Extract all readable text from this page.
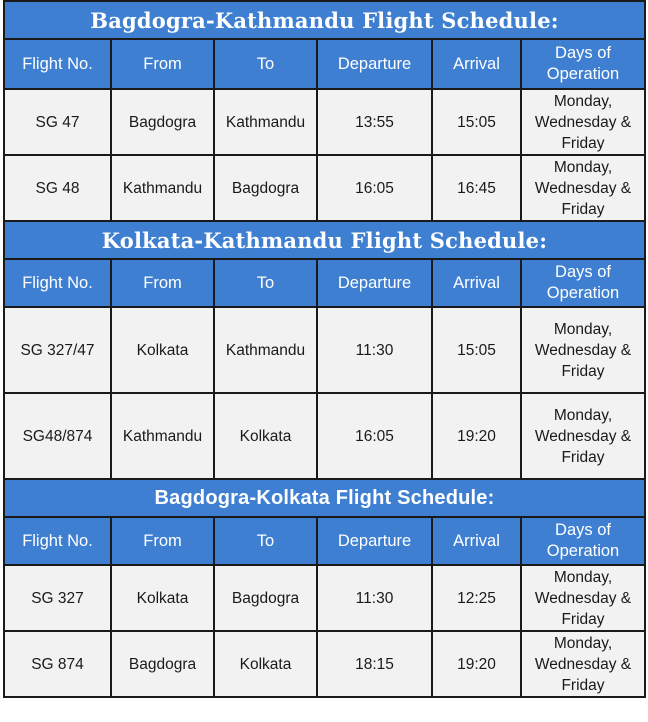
Bagdogra-Kathmandu Flight Schedule:					
Flight No.	From	To	Departure	Arrival	Days of Operation
SG 47	Bagdogra	Kathmandu	13:55	15:05	Monday, Wednesday & Friday
SG 48	Kathmandu	Bagdogra	16:05	16:45	Monday, Wednesday & Friday
Kolkata-Kathmandu Flight Schedule:					
Flight No.	From	To	Departure	Arrival	Days of Operation
SG 327/47	Kolkata	Kathmandu	11:30	15:05	Monday, Wednesday & Friday
SG48/874	Kathmandu	Kolkata	16:05	19:20	Monday, Wednesday & Friday
Bagdogra-Kolkata Flight Schedule:					
Flight No.	From	To	Departure	Arrival	Days of Operation
SG 327	Kolkata	Bagdogra	11:30	12:25	Monday, Wednesday & Friday
SG 874	Bagdogra	Kolkata	18:15	19:20	Monday, Wednesday & Friday
